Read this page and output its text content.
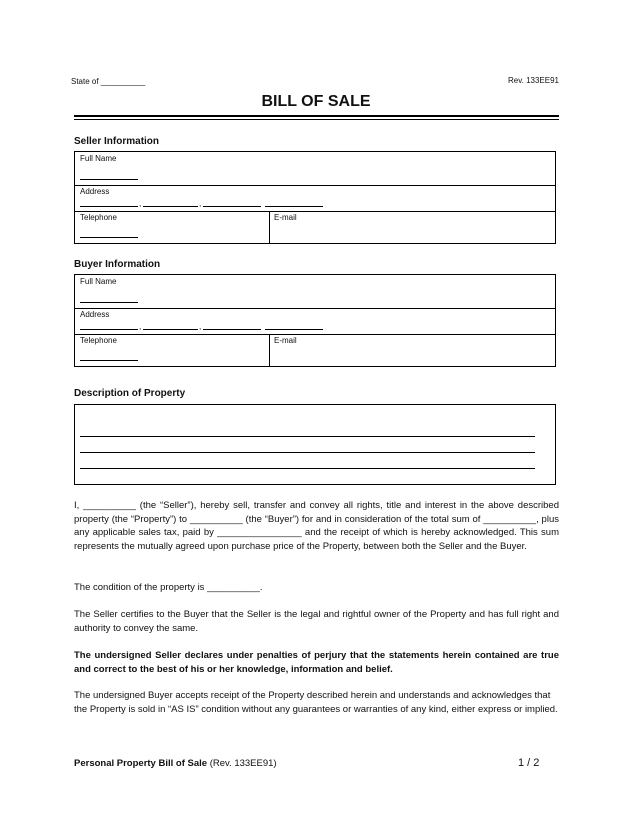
State of __________	Rev. 133EE91
BILL OF SALE
Seller Information
Full Name
Address
,	,
Telephone	E-mail
Buyer Information
Full Name
Address
,	,
Telephone	E-mail
Description of Property
I, __________ (the “Seller”), hereby sell, transfer and convey all rights, title and interest in the above described property (the “Property”) to __________ (the “Buyer”) for and in consideration of the total sum of __________, plus any applicable sales tax, paid by ________________ and the receipt of which is hereby acknowledged. This sum represents the mutually agreed upon purchase price of the Property, between both the Seller and the Buyer.
The condition of the property is __________.
The Seller certifies to the Buyer that the Seller is the legal and rightful owner of the Property and has full right and authority to convey the same.
The undersigned Seller declares under penalties of perjury that the statements herein contained are true and correct to the best of his or her knowledge, information and belief.
The undersigned Buyer accepts receipt of the Property described herein and understands and acknowledges that the Property is sold in “AS IS” condition without any guarantees or warranties of any kind, either express or implied.
Personal Property Bill of Sale (Rev. 133EE91)	1 / 2
